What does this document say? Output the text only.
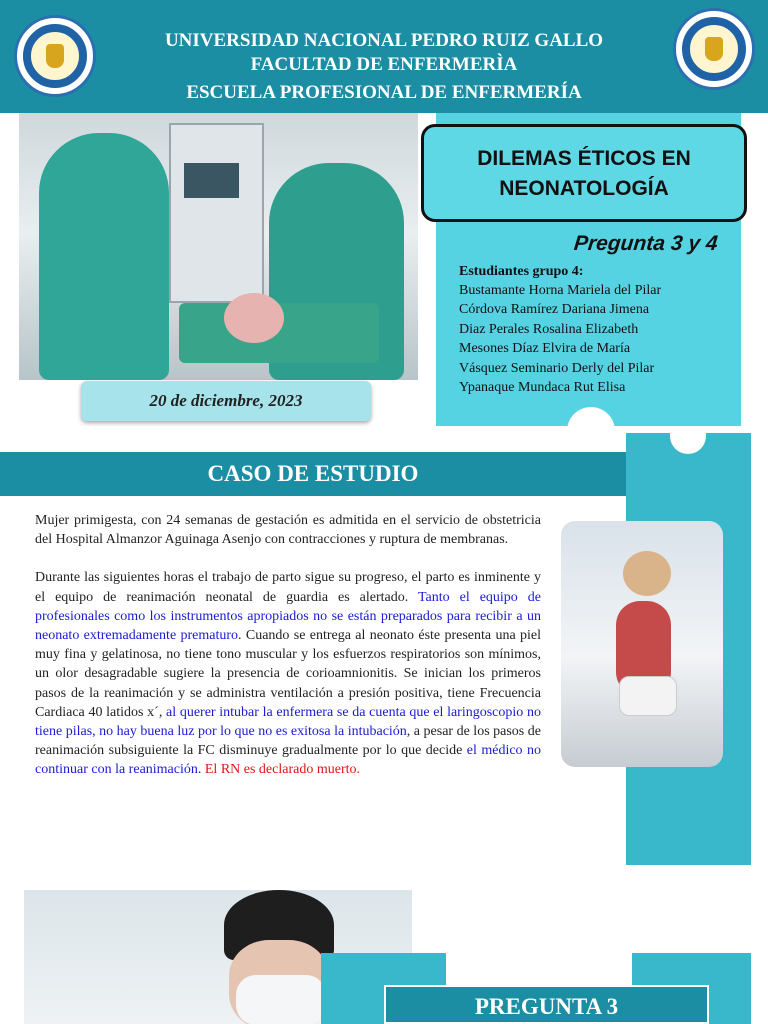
UNIVERSIDAD NACIONAL PEDRO RUIZ GALLO
FACULTAD DE ENFERMERÌA
ESCUELA PROFESIONAL DE ENFERMERÍA
20 de diciembre, 2023
DILEMAS ÉTICOS EN
NEONATOLOGÍA
Pregunta 3 y 4
Estudiantes grupo 4:
Bustamante Horna Mariela del Pilar
Córdova Ramírez Dariana Jimena
Diaz Perales Rosalina Elizabeth
Mesones Díaz Elvira de María
Vásquez Seminario Derly del Pilar
Ypanaque Mundaca Rut Elisa
CASO DE ESTUDIO

Mujer primigesta, con 24 semanas de gestación es admitida en el servicio de obstetricia del Hospital Almanzor Aguinaga Asenjo con contracciones y ruptura de membranas.

Durante las siguientes horas el trabajo de parto sigue su progreso, el parto es inminente y el equipo de reanimación neonatal de guardia es alertado. Tanto el equipo de profesionales como los instrumentos apropiados no se están preparados para recibir a un neonato extremadamente prematuro. Cuando se entrega al neonato éste presenta una piel muy fina y gelatinosa, no tiene tono muscular y los esfuerzos respiratorios son mínimos, un olor desagradable sugiere la presencia de corioamnionitis. Se inician los primeros pasos de la reanimación y se administra ventilación a presión positiva, tiene Frecuencia Cardiaca 40 latidos x´, al querer intubar la enfermera se da cuenta que el laringoscopio no tiene pilas, no hay buena luz por lo que no es exitosa la intubación, a pesar de los pasos de reanimación subsiguiente la FC disminuye gradualmente por lo que decide el médico no continuar con la reanimación. El RN es declarado muerto.

PREGUNTA 3
